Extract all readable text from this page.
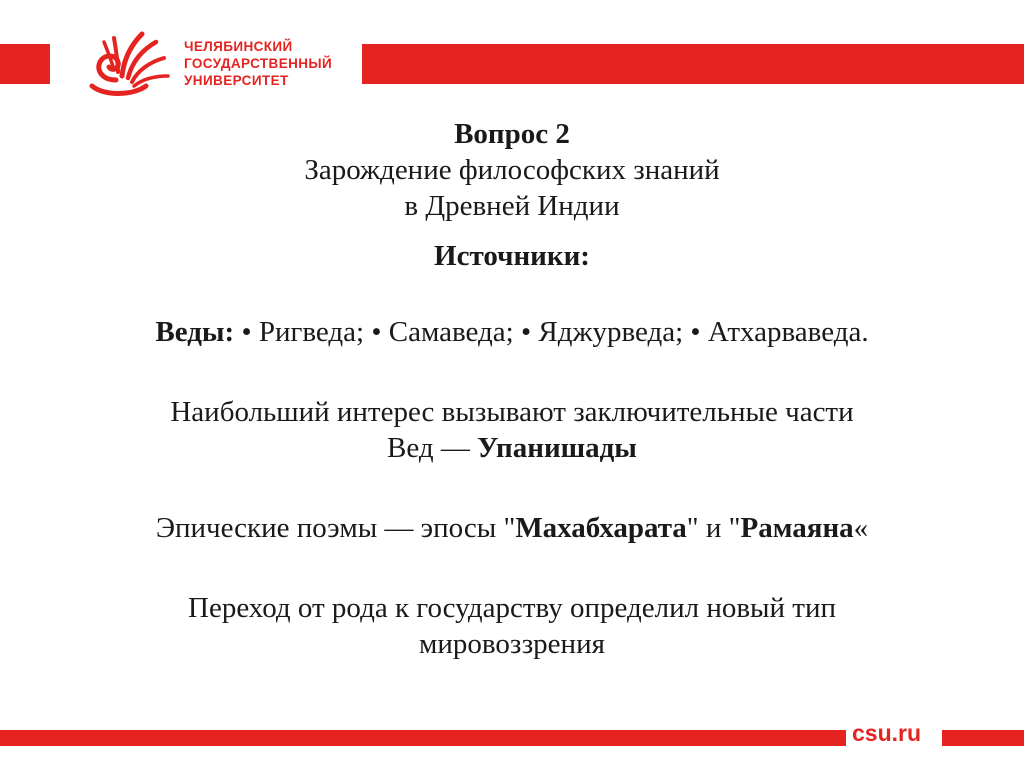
ЧЕЛЯБИНСКИЙ
ГОСУДАРСТВЕННЫЙ
УНИВЕРСИТЕТ
Вопрос 2
Зарождение философских знаний
в Древней Индии
Источники:
Веды: • Ригведа; • Самаведа; • Яджурведа; • Атхарваведа.
Наибольший интерес вызывают заключительные части
Вед — Упанишады
Эпические поэмы — эпосы "Махабхарата" и "Рамаяна«
Переход от рода к государству определил новый тип
мировоззрения
csu.ru
